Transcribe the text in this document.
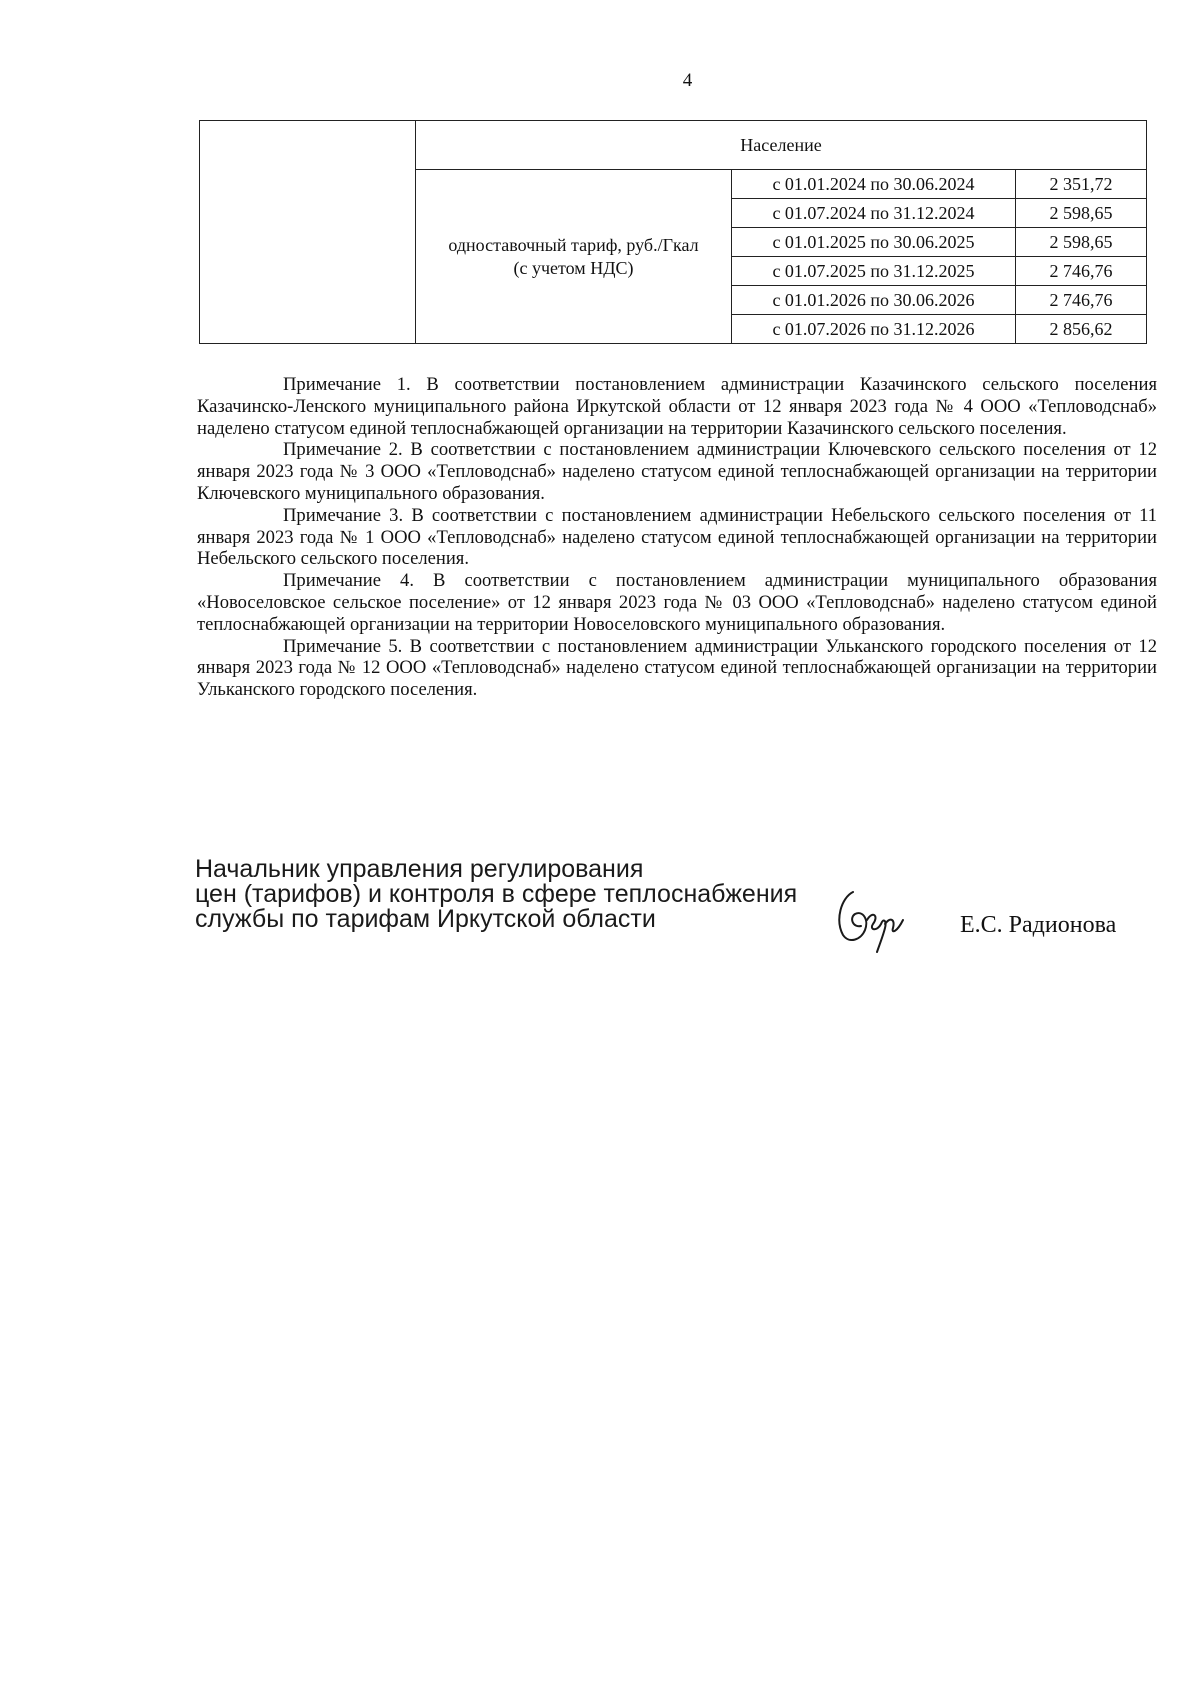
4
	Население		

	одноставочный тариф, руб./Гкал
(с учетом НДС)	с 01.01.2024 по 30.06.2024	2 351,72
		с 01.07.2024 по 31.12.2024	2 598,65
		с 01.01.2025 по 30.06.2025	2 598,65
		с 01.07.2025 по 31.12.2025	2 746,76
		с 01.01.2026 по 30.06.2026	2 746,76
		с 01.07.2026 по 31.12.2026	2 856,62

Примечание 1. В соответствии постановлением администрации Казачинского сельского поселения Казачинско-Ленского муниципального района Иркутской области от 12 января 2023 года № 4 ООО «Тепловодснаб» наделено статусом единой теплоснабжающей организации на территории Казачинского сельского поселения.

Примечание 2. В соответствии с постановлением администрации Ключевского сельского поселения от 12 января 2023 года № 3 ООО «Тепловодснаб» наделено статусом единой теплоснабжающей организации на территории Ключевского муниципального образования.

Примечание 3. В соответствии с постановлением администрации Небельского сельского поселения от 11 января 2023 года № 1 ООО «Тепловодснаб» наделено статусом единой теплоснабжающей организации на территории Небельского сельского поселения.

Примечание 4. В соответствии с постановлением администрации муниципального образования «Новоселовское сельское поселение» от 12 января 2023 года № 03 ООО «Тепловодснаб» наделено статусом единой теплоснабжающей организации на территории Новоселовского муниципального образования.

Примечание 5. В соответствии с постановлением администрации Ульканского городского поселения от 12 января 2023 года № 12 ООО «Тепловодснаб» наделено статусом единой теплоснабжающей организации на территории Ульканского городского поселения.

Начальник управления регулирования
цен (тарифов) и контроля в сфере теплоснабжения
службы по тарифам Иркутской области	Е.С. Радионова
